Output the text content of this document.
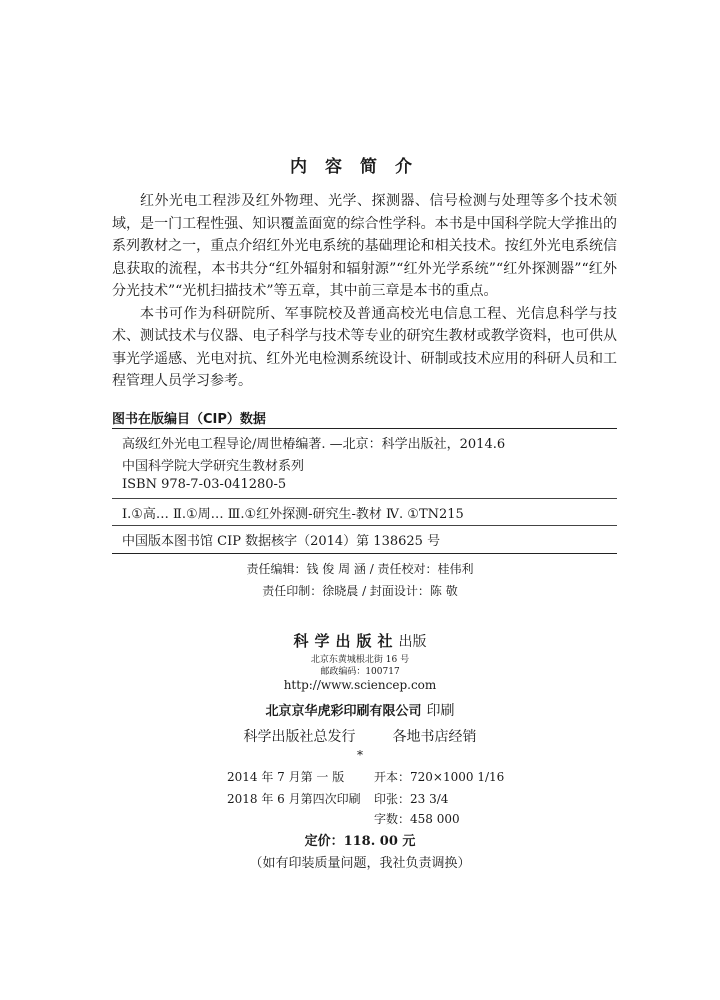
内容简介

红外光电工程涉及红外物理、光学、探测器、信号检测与处理等多个技术领域，是一门工程性强、知识覆盖面宽的综合性学科。本书是中国科学院大学推出的系列教材之一，重点介绍红外光电系统的基础理论和相关技术。按红外光电系统信息获取的流程，本书共分“红外辐射和辐射源”“红外光学系统”“红外探测器”“红外分光技术”“光机扫描技术”等五章，其中前三章是本书的重点。

本书可作为科研院所、军事院校及普通高校光电信息工程、光信息科学与技术、测试技术与仪器、电子科学与技术等专业的研究生教材或教学资料，也可供从事光学遥感、光电对抗、红外光电检测系统设计、研制或技术应用的科研人员和工程管理人员学习参考。

图书在版编目（CIP）数据
高级红外光电工程导论/周世椿编著. —北京：科学出版社，2014.6
中国科学院大学研究生教材系列
ISBN 978-7-03-041280-5
Ⅰ.①高… Ⅱ.①周… Ⅲ.①红外探测-研究生-教材 Ⅳ. ①TN215
中国版本图书馆 CIP 数据核字（2014）第 138625 号
责任编辑：钱 俊 周 涵 / 责任校对：桂伟利
责任印制：徐晓晨 / 封面设计：陈 敬
科学出版社出版
北京东黄城根北街 16 号
邮政编码：100717
http://www.sciencep.com
北京京华虎彩印刷有限公司 印刷
科学出版社总发行	各地书店经销
*
2014 年 7 月第 一 版 开本：720×1000 1/16
2018 年 6 月第四次印刷 印张：23 3/4
字数：458 000
定价：118. 00 元
（如有印装质量问题，我社负责调换）
